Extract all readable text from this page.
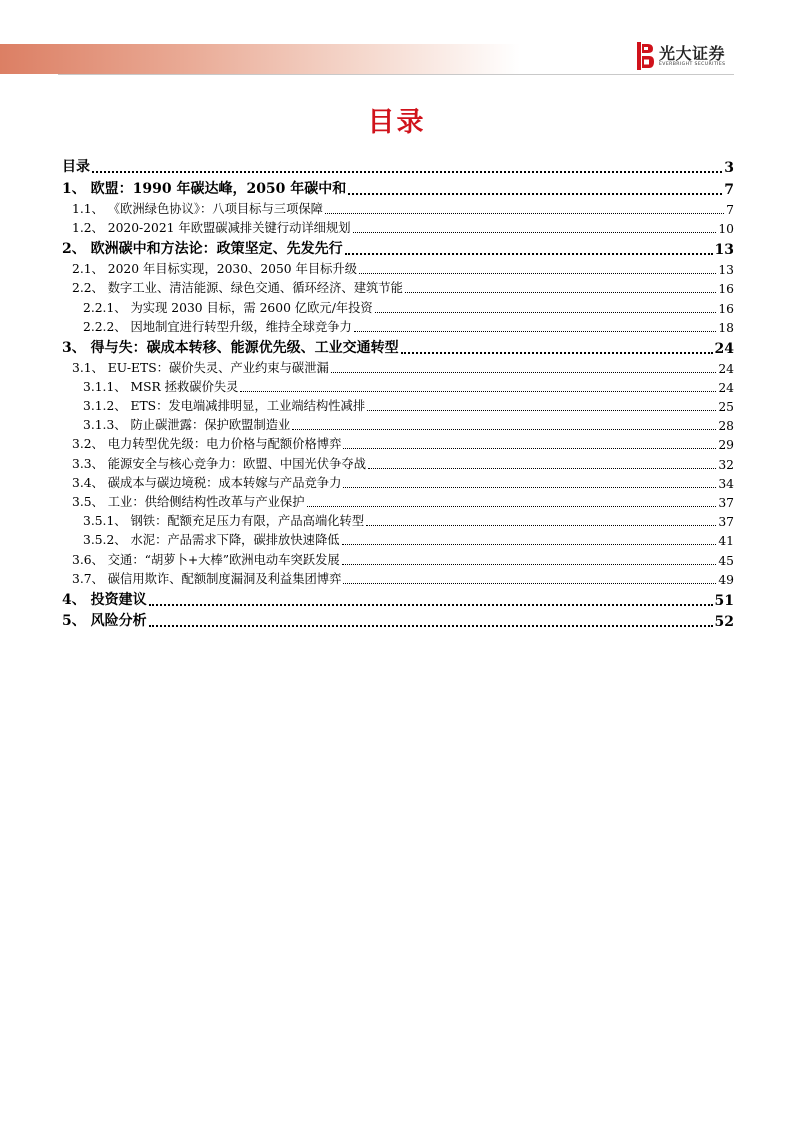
光大证券
EVERBRIGHT SECURITIES
目录
目录	3
1、 欧盟：1990 年碳达峰，2050 年碳中和	7
1.1、 《欧洲绿色协议》：八项目标与三项保障	7
1.2、 2020-2021 年欧盟碳减排关键行动详细规划	10
2、 欧洲碳中和方法论：政策坚定、先发先行	13
2.1、 2020 年目标实现，2030、2050 年目标升级	13
2.2、 数字工业、清洁能源、绿色交通、循环经济、建筑节能	16
2.2.1、 为实现 2030 目标，需 2600 亿欧元/年投资	16
2.2.2、 因地制宜进行转型升级，维持全球竞争力	18
3、 得与失：碳成本转移、能源优先级、工业交通转型	24
3.1、 EU-ETS：碳价失灵、产业约束与碳泄漏	24
3.1.1、 MSR 拯救碳价失灵	24
3.1.2、 ETS：发电端减排明显，工业端结构性减排	25
3.1.3、 防止碳泄露：保护欧盟制造业	28
3.2、 电力转型优先级：电力价格与配额价格博弈	29
3.3、 能源安全与核心竞争力：欧盟、中国光伏争夺战	32
3.4、 碳成本与碳边境税：成本转嫁与产品竞争力	34
3.5、 工业：供给侧结构性改革与产业保护	37
3.5.1、 钢铁：配额充足压力有限，产品高端化转型	37
3.5.2、 水泥：产品需求下降，碳排放快速降低	41
3.6、 交通：“胡萝卜+大棒”欧洲电动车突跃发展	45
3.7、 碳信用欺诈、配额制度漏洞及利益集团博弈	49
4、 投资建议	51
5、 风险分析	52
